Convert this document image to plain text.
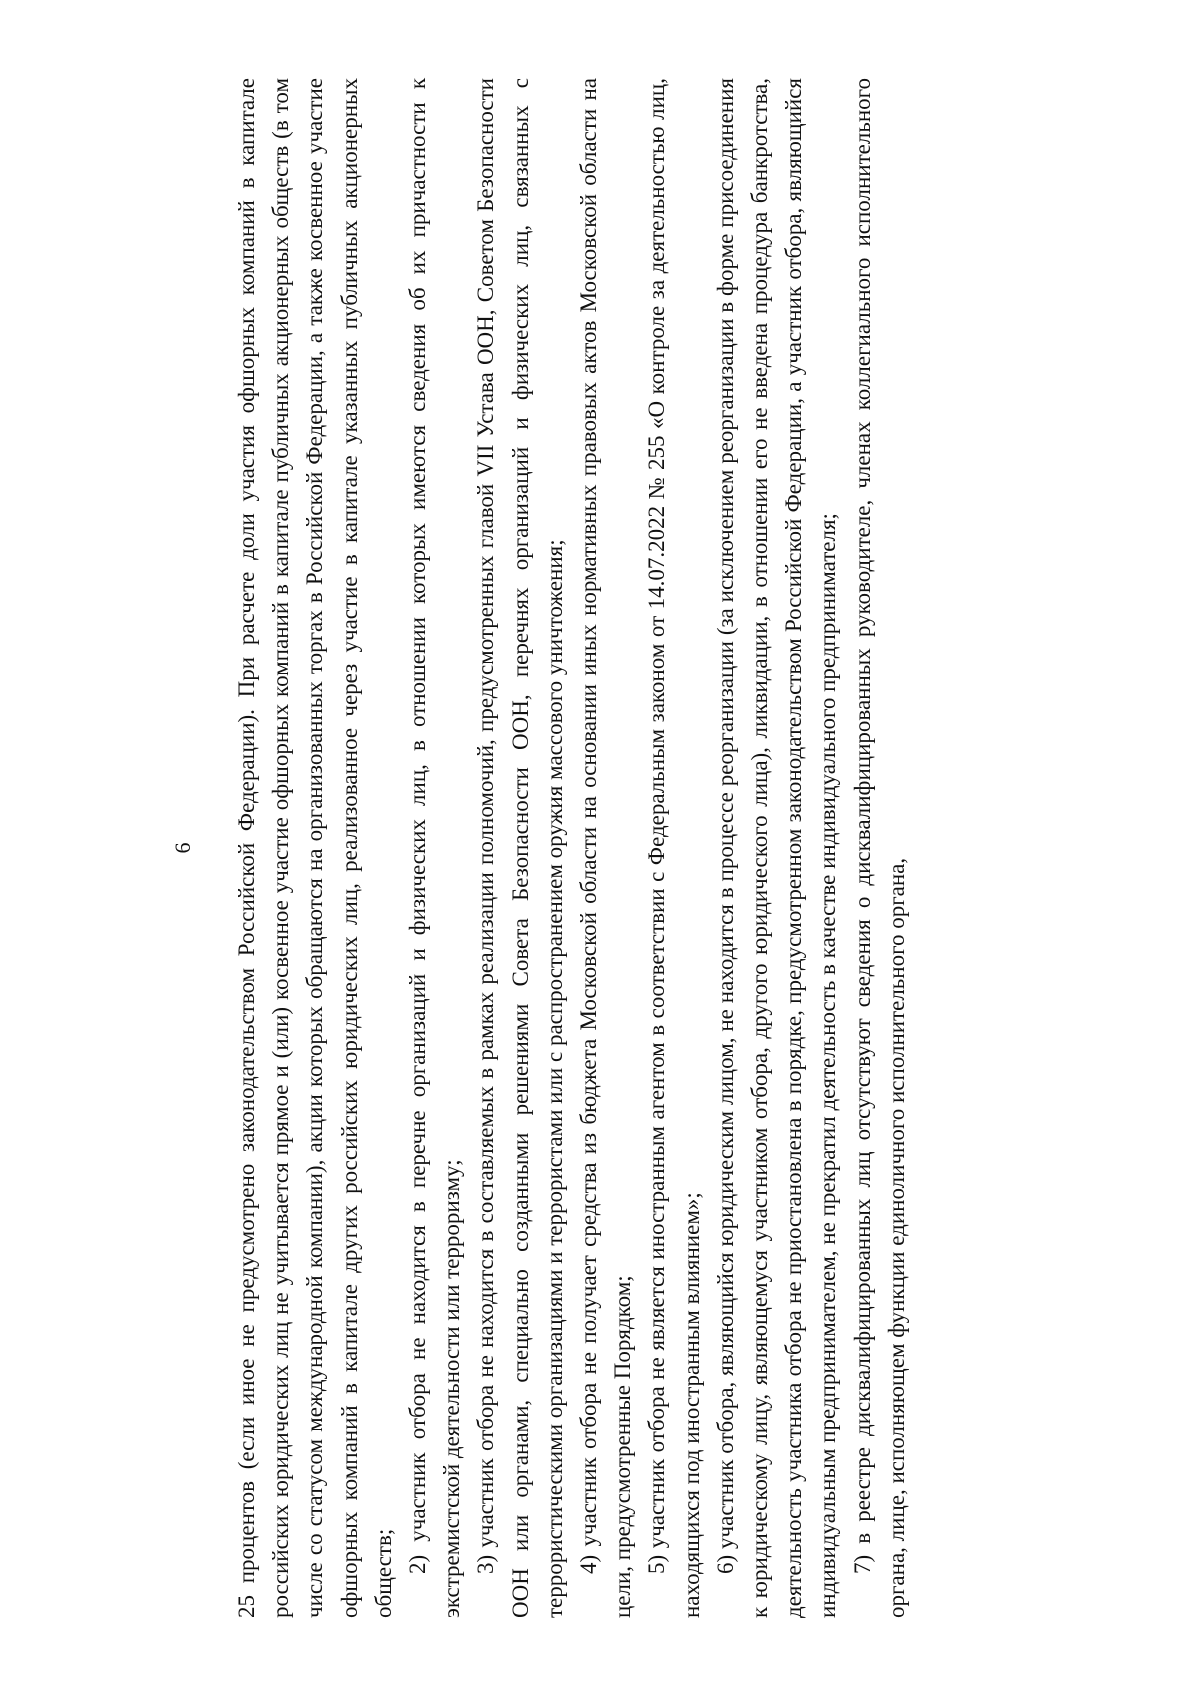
6 25 процентов (если иное не предусмотрено законодательством Российской Федерации). При расчете доли участия офшорных компаний в капитале российских юридических лиц не учитывается прямое и (или) косвенное участие офшорных компаний в капитале публичных акционерных обществ (в том числе со статусом международной компании), акции которых обращаются на организованных торгах в Российской Федерации, а также косвенное участие офшорных компаний в капитале других российских юридических лиц, реализованное через участие в капитале указанных публичных акционерных обществ; 2) участник отбора не находится в перечне организаций и физических лиц, в отношении которых имеются сведения об их причастности к экстремистской деятельности или терроризму; 3) участник отбора не находится в составляемых в рамках реализации полномочий, предусмотренных главой VII Устава ООН, Советом Безопасности ООН или органами, специально созданными решениями Совета Безопасности ООН, перечнях организаций и физических лиц, связанных с террористическими организациями и террористами или с распространением оружия массового уничтожения; 4) участник отбора не получает средства из бюджета Московской области на основании иных нормативных правовых актов Московской области на цели, предусмотренные Порядком; 5) участник отбора не является иностранным агентом в соответствии с Федеральным законом от 14.07.2022 № 255 «О контроле за деятельностью лиц, находящихся под иностранным влиянием»; 6) участник отбора, являющийся юридическим лицом, не находится в процессе реорганизации (за исключением реорганизации в форме присоединения к юридическому лицу, являющемуся участником отбора, другого юридического лица), ликвидации, в отношении его не введена процедура банкротства, деятельность участника отбора не приостановлена в порядке, предусмотренном законодательством Российской Федерации, а участник отбора, являющийся индивидуальным предпринимателем, не прекратил деятельность в качестве индивидуального предпринимателя; 7) в реестре дисквалифицированных лиц отсутствуют сведения о дисквалифицированных руководителе, членах коллегиального исполнительного органа, лице, исполняющем функции единоличного исполнительного органа,
